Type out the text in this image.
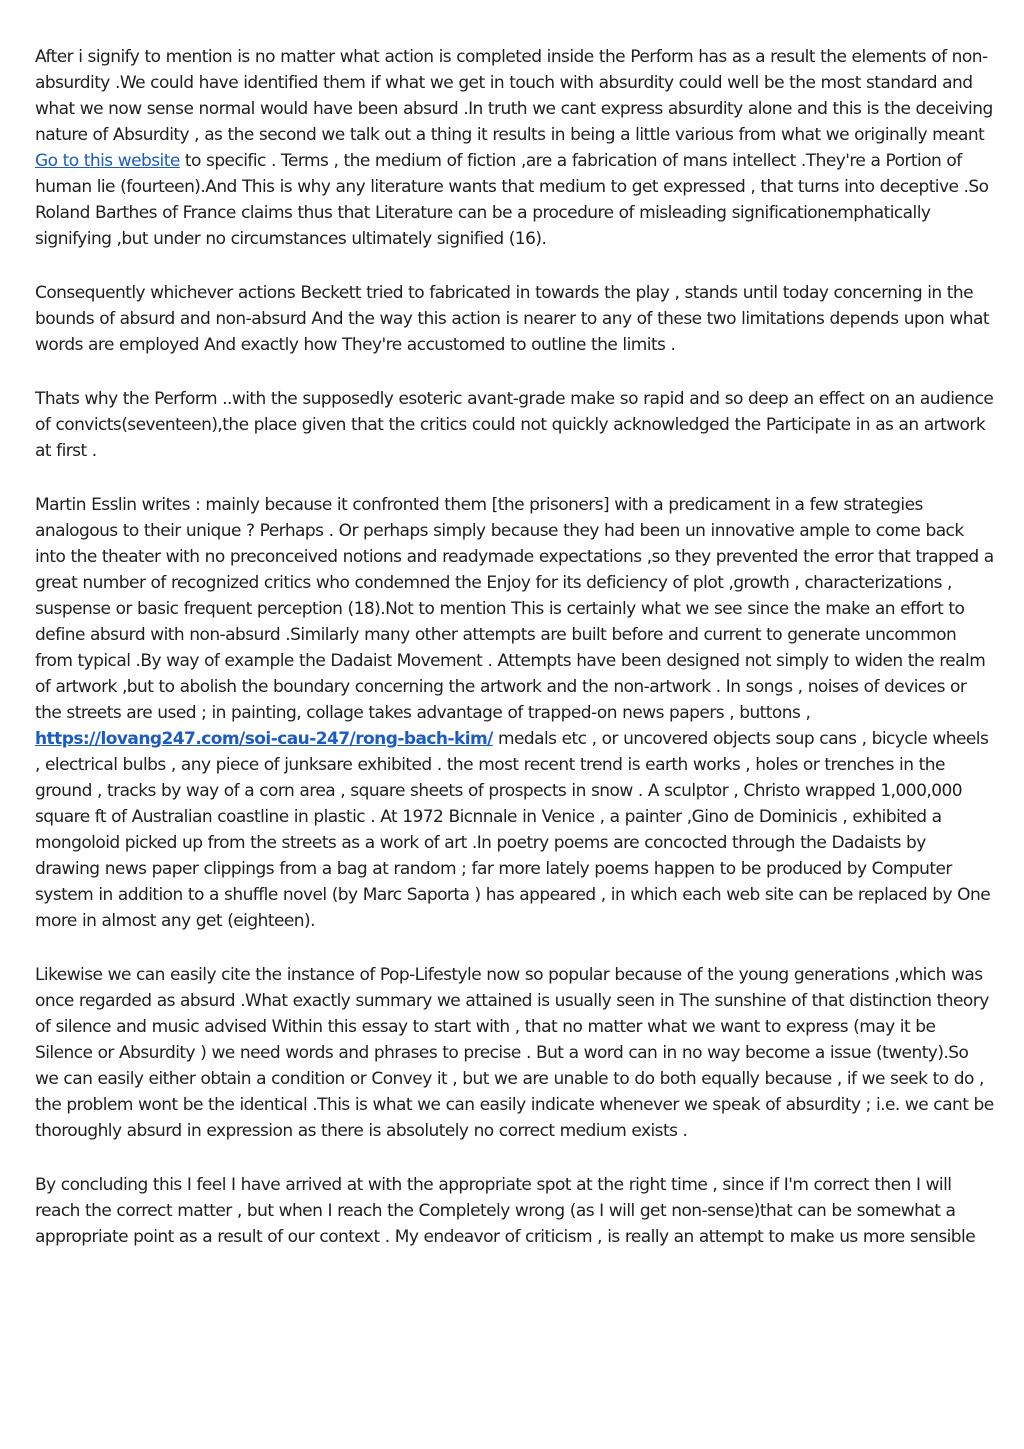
After i signify to mention is no matter what action is completed inside the Perform has as a result the elements of non-absurdity .We could have identified them if what we get in touch with absurdity could well be the most standard and what we now sense normal would have been absurd .In truth we cant express absurdity alone and this is the deceiving nature of Absurdity , as the second we talk out a thing it results in being a little various from what we originally meant Go to this website to specific . Terms , the medium of fiction ,are a fabrication of mans intellect .They're a Portion of human lie (fourteen).And This is why any literature wants that medium to get expressed , that turns into deceptive .So Roland Barthes of France claims thus that Literature can be a procedure of misleading significationemphatically signifying ,but under no circumstances ultimately signified (16).

Consequently whichever actions Beckett tried to fabricated in towards the play , stands until today concerning in the bounds of absurd and non-absurd And the way this action is nearer to any of these two limitations depends upon what words are employed And exactly how They're accustomed to outline the limits .

Thats why the Perform ..with the supposedly esoteric avant-grade make so rapid and so deep an effect on an audience of convicts(seventeen),the place given that the critics could not quickly acknowledged the Participate in as an artwork at first .

Martin Esslin writes : mainly because it confronted them [the prisoners] with a predicament in a few strategies analogous to their unique ? Perhaps . Or perhaps simply because they had been un innovative ample to come back into the theater with no preconceived notions and readymade expectations ,so they prevented the error that trapped a great number of recognized critics who condemned the Enjoy for its deficiency of plot ,growth , characterizations , suspense or basic frequent perception (18).Not to mention This is certainly what we see since the make an effort to define absurd with non-absurd .Similarly many other attempts are built before and current to generate uncommon from typical .By way of example the Dadaist Movement . Attempts have been designed not simply to widen the realm of artwork ,but to abolish the boundary concerning the artwork and the non-artwork . In songs , noises of devices or the streets are used ; in painting, collage takes advantage of trapped-on news papers , buttons , https://lovang247.com/soi-cau-247/rong-bach-kim/ medals etc , or uncovered objects soup cans , bicycle wheels , electrical bulbs , any piece of junksare exhibited . the most recent trend is earth works , holes or trenches in the ground , tracks by way of a corn area , square sheets of prospects in snow . A sculptor , Christo wrapped 1,000,000 square ft of Australian coastline in plastic . At 1972 Bicnnale in Venice , a painter ,Gino de Dominicis , exhibited a mongoloid picked up from the streets as a work of art .In poetry poems are concocted through the Dadaists by drawing news paper clippings from a bag at random ; far more lately poems happen to be produced by Computer system in addition to a shuffle novel (by Marc Saporta ) has appeared , in which each web site can be replaced by One more in almost any get (eighteen).

Likewise we can easily cite the instance of Pop-Lifestyle now so popular because of the young generations ,which was once regarded as absurd .What exactly summary we attained is usually seen in The sunshine of that distinction theory of silence and music advised Within this essay to start with , that no matter what we want to express (may it be Silence or Absurdity ) we need words and phrases to precise . But a word can in no way become a issue (twenty).So we can easily either obtain a condition or Convey it , but we are unable to do both equally because , if we seek to do , the problem wont be the identical .This is what we can easily indicate whenever we speak of absurdity ; i.e. we cant be thoroughly absurd in expression as there is absolutely no correct medium exists .

By concluding this I feel I have arrived at with the appropriate spot at the right time , since if I'm correct then I will reach the correct matter , but when I reach the Completely wrong (as I will get non-sense)that can be somewhat a appropriate point as a result of our context . My endeavor of criticism , is really an attempt to make us more sensible
